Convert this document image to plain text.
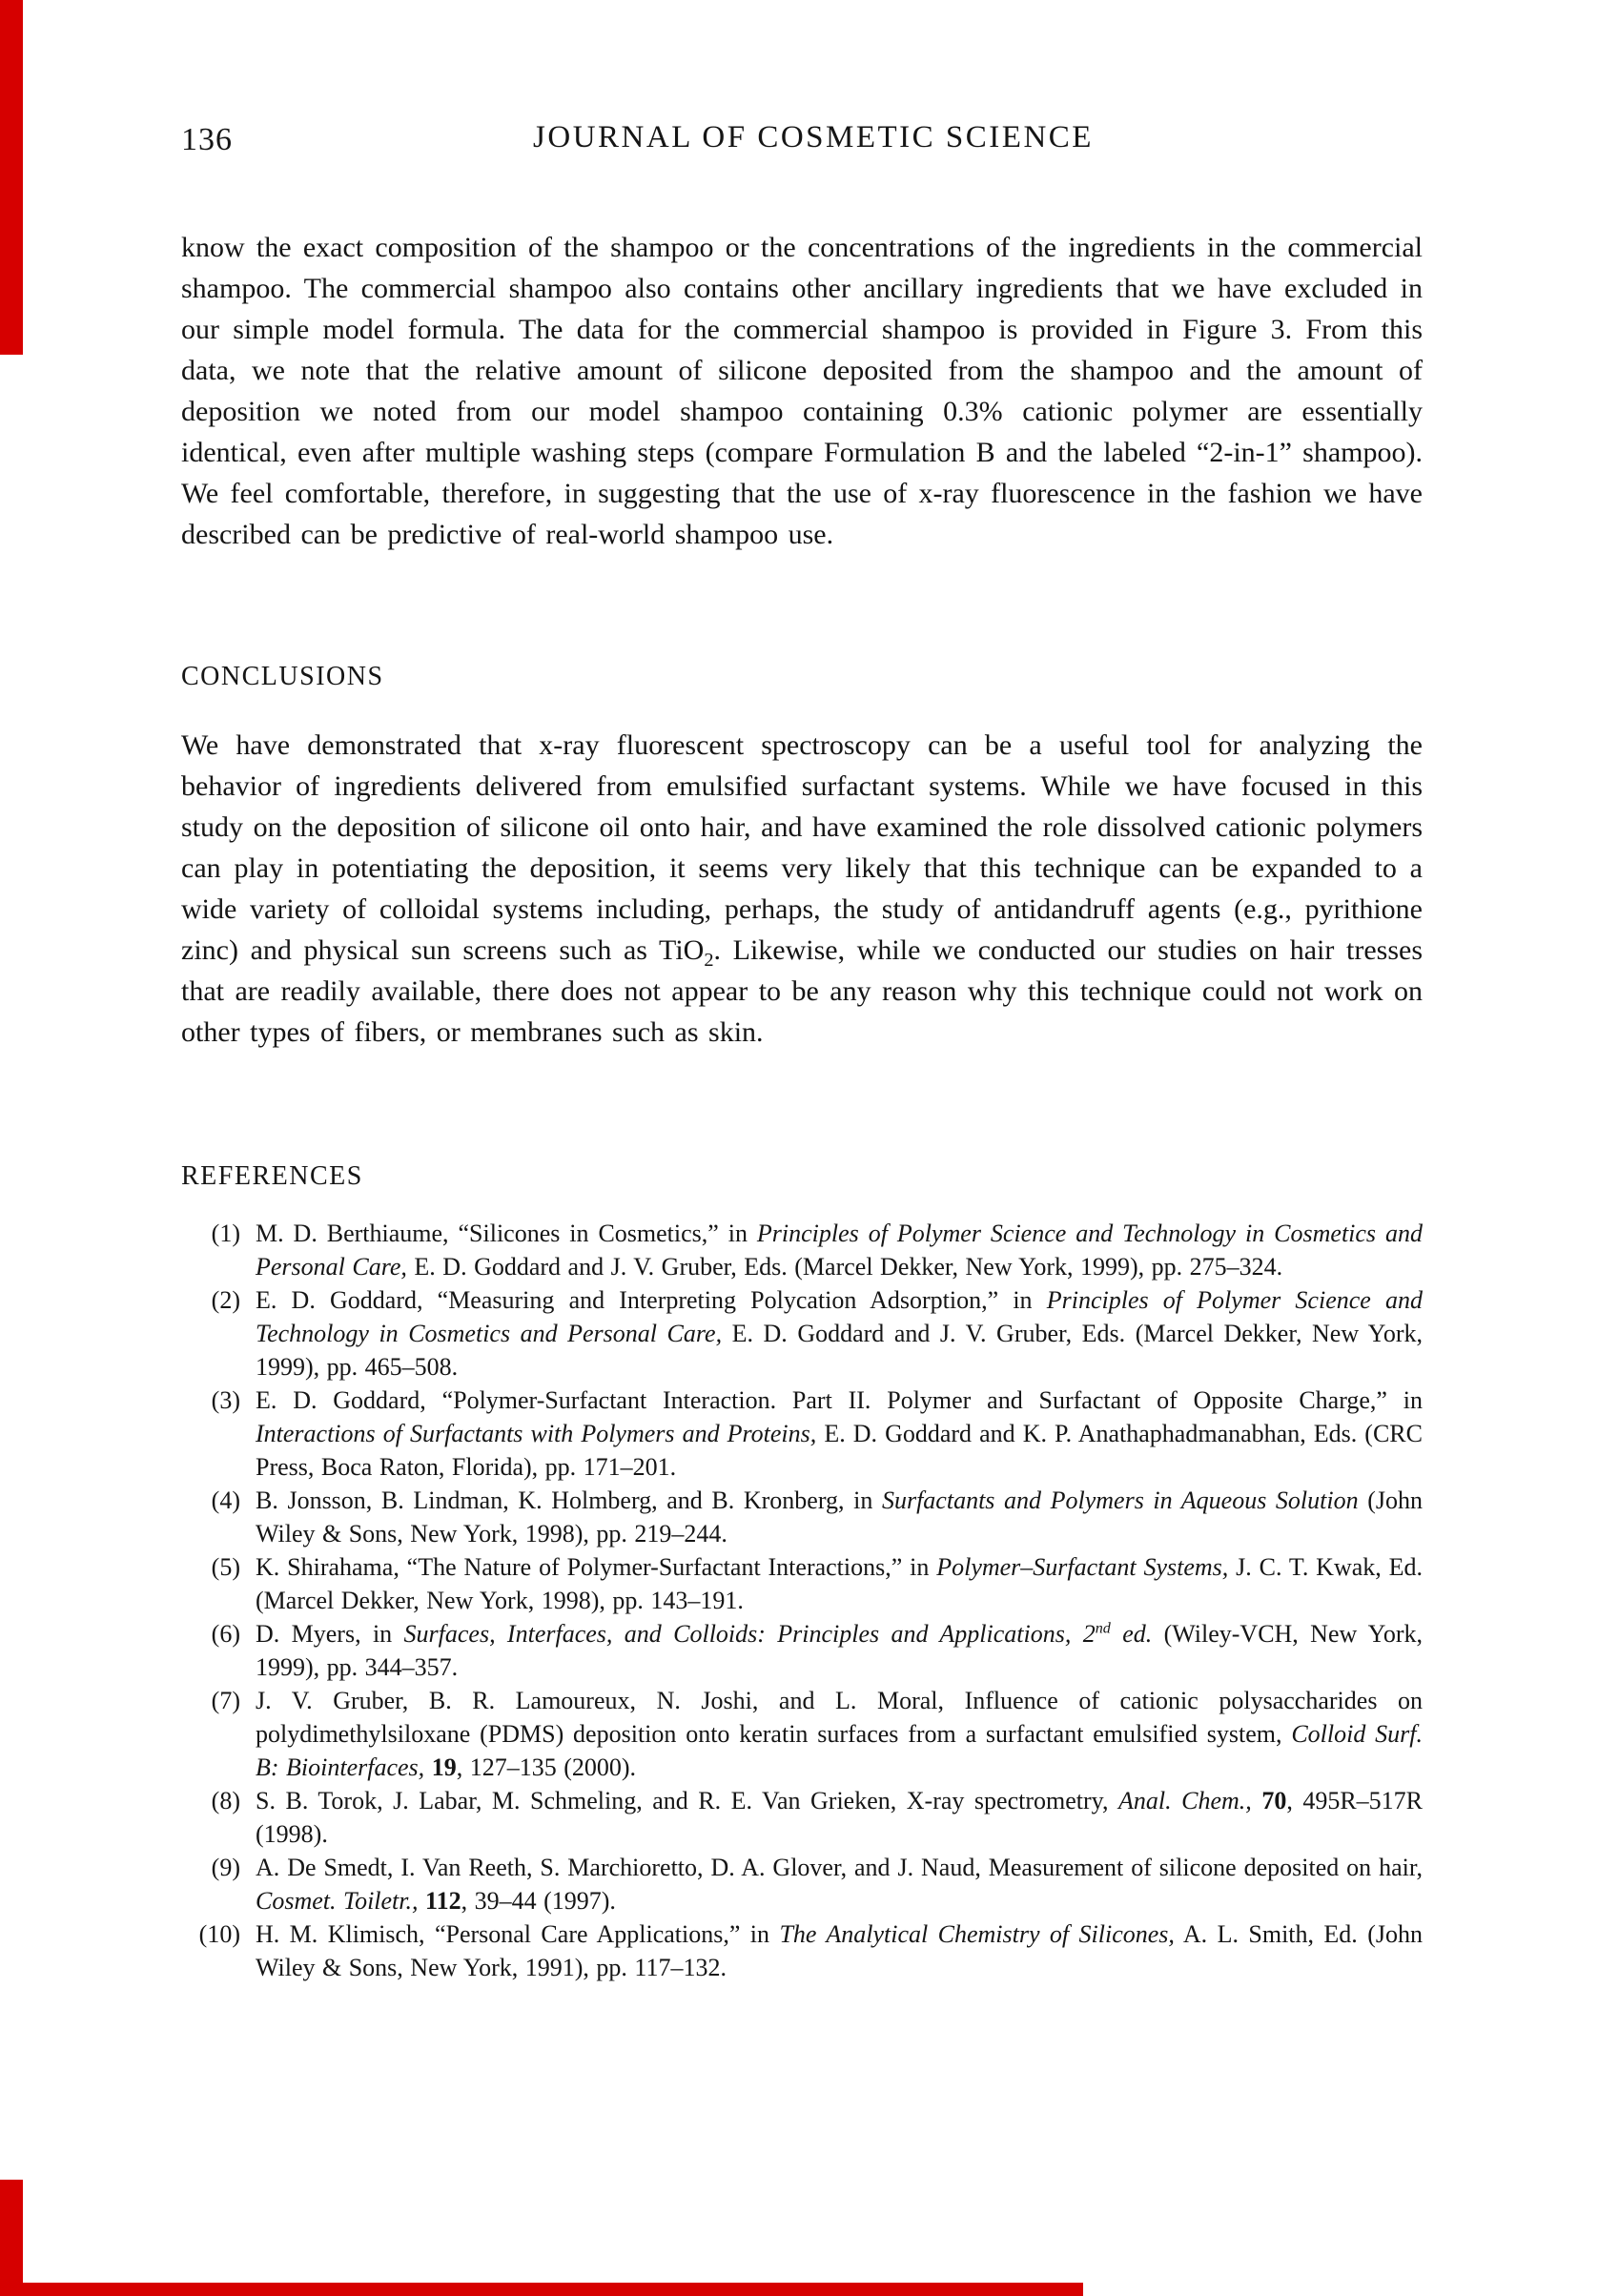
136	JOURNAL OF COSMETIC SCIENCE

know the exact composition of the shampoo or the concentrations of the ingredients in the commercial shampoo. The commercial shampoo also contains other ancillary ingredients that we have excluded in our simple model formula. The data for the commercial shampoo is provided in Figure 3. From this data, we note that the relative amount of silicone deposited from the shampoo and the amount of deposition we noted from our model shampoo containing 0.3% cationic polymer are essentially identical, even after multiple washing steps (compare Formulation B and the labeled “2-in-1” shampoo). We feel comfortable, therefore, in suggesting that the use of x-ray fluorescence in the fashion we have described can be predictive of real-world shampoo use.

CONCLUSIONS

We have demonstrated that x-ray fluorescent spectroscopy can be a useful tool for analyzing the behavior of ingredients delivered from emulsified surfactant systems. While we have focused in this study on the deposition of silicone oil onto hair, and have examined the role dissolved cationic polymers can play in potentiating the deposition, it seems very likely that this technique can be expanded to a wide variety of colloidal systems including, perhaps, the study of antidandruff agents (e.g., pyrithione zinc) and physical sun screens such as TiO$_2$. Likewise, while we conducted our studies on hair tresses that are readily available, there does not appear to be any reason why this technique could not work on other types of fibers, or membranes such as skin.

REFERENCES
(1) M. D. Berthiaume, “Silicones in Cosmetics,” in Principles of Polymer Science and Technology in Cosmetics and Personal Care, E. D. Goddard and J. V. Gruber, Eds. (Marcel Dekker, New York, 1999), pp. 275–324.
(2) E. D. Goddard, “Measuring and Interpreting Polycation Adsorption,” in Principles of Polymer Science and Technology in Cosmetics and Personal Care, E. D. Goddard and J. V. Gruber, Eds. (Marcel Dekker, New York, 1999), pp. 465–508.
(3) E. D. Goddard, “Polymer-Surfactant Interaction. Part II. Polymer and Surfactant of Opposite Charge,” in Interactions of Surfactants with Polymers and Proteins, E. D. Goddard and K. P. Anathaphadmanabhan, Eds. (CRC Press, Boca Raton, Florida), pp. 171–201.
(4) B. Jonsson, B. Lindman, K. Holmberg, and B. Kronberg, in Surfactants and Polymers in Aqueous Solution (John Wiley & Sons, New York, 1998), pp. 219–244.
(5) K. Shirahama, “The Nature of Polymer-Surfactant Interactions,” in Polymer–Surfactant Systems, J. C. T. Kwak, Ed. (Marcel Dekker, New York, 1998), pp. 143–191.
(6) D. Myers, in Surfaces, Interfaces, and Colloids: Principles and Applications, 2nd ed. (Wiley-VCH, New York, 1999), pp. 344–357.
(7) J. V. Gruber, B. R. Lamoureux, N. Joshi, and L. Moral, Influence of cationic polysaccharides on polydimethylsiloxane (PDMS) deposition onto keratin surfaces from a surfactant emulsified system, Colloid Surf. B: Biointerfaces, 19, 127–135 (2000).
(8) S. B. Torok, J. Labar, M. Schmeling, and R. E. Van Grieken, X-ray spectrometry, Anal. Chem., 70, 495R–517R (1998).
(9) A. De Smedt, I. Van Reeth, S. Marchioretto, D. A. Glover, and J. Naud, Measurement of silicone deposited on hair, Cosmet. Toiletr., 112, 39–44 (1997).
(10) H. M. Klimisch, “Personal Care Applications,” in The Analytical Chemistry of Silicones, A. L. Smith, Ed. (John Wiley & Sons, New York, 1991), pp. 117–132.
